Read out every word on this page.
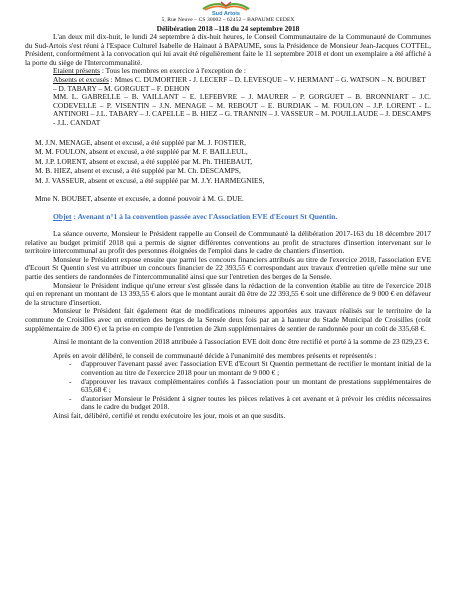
Sud Artois
5, Rue Neuve – CS 30002 – 62452 – BAPAUME CEDEX
Délibération 2018 –118 du 24 septembre 2018

L'an deux mil dix-huit, le lundi 24 septembre à dix-huit heures, le Conseil Communautaire de la Communauté de Communes du Sud-Artois s'est réuni à l'Espace Culturel Isabelle de Hainaut à BAPAUME, sous la Présidence de Monsieur Jean-Jacques COTTEL, Président, conformément à la convocation qui lui avait été régulièrement faite le 11 septembre 2018 et dont un exemplaire a été affiché à la porte du siège de l'Intercommunalité.

Etaient présents : Tous les membres en exercice à l'exception de :

Absents et excusés : Mmes C. DUMORTIER - J. LECERF – D. LEVESQUE – V. HERMANT – G. WATSON – N. BOUBET – D. TABARY – M. GORGUET – F. DEHON

MM. L. GABRELLE – B. VAILLANT – E. LEFEBVRE – J. MAURER – P. GORGUET – B. BRONNIART – J.C. CODEVELLE – P. VISENTIN – J.N. MENAGE – M. REBOUT – E. BURDIAK – M. FOULON – J.P. LORENT - L. ANTINORI – J.L. TABARY – J. CAPELLE – B. HIEZ – G. TRANNIN – J. VASSEUR – M. POUILLAUDE – J. DESCAMPS - J.L. CANDAT

M. J.N. MENAGE, absent et excusé, a été suppléé par M. J. FOSTIER,

M. M. FOULON, absent et excusé, a été suppléé par M. F. BAILLEUL,

M. J.P. LORENT, absent et excusé, a été suppléé par M. Ph. THIEBAUT,

M. B. HIEZ, absent et excusé, a été suppléé par M. Ch. DESCAMPS,

M. J. VASSEUR, absent et excusé, a été suppléé par M. J.Y. HARMEGNIES,

Mme N. BOUBET, absente et excusée, a donné pouvoir à M. G. DUE.

Objet : Avenant n°1 à la convention passée avec l'Association EVE d'Ecourt St Quentin.

La séance ouverte, Monsieur le Président rappelle au Conseil de Communauté la délibération 2017-163 du 18 décembre 2017 relative au budget primitif 2018 qui a permis de signer différentes conventions au profit de structures d'insertion intervenant sur le territoire intercommunal au profit des personnes éloignées de l'emploi dans le cadre de chantiers d'insertion.

Monsieur le Président expose ensuite que parmi les concours financiers attribués au titre de l'exercice 2018, l'association EVE d'Ecourt St Quentin s'est vu attribuer un concours financier de 22 393,55 € correspondant aux travaux d'entretien qu'elle mène sur une partie des sentiers de randonnées de l'intercommunalité ainsi que sur l'entretien des berges de la Sensée.

Monsieur le Président indique qu'une erreur s'est glissée dans la rédaction de la convention établie au titre de l'exercice 2018 qui en reprenant un montant de 13 393,55 € alors que le montant aurait dû être de 22 393,55 € soit une différence de 9 000 € en défaveur de la structure d'insertion.

Monsieur le Président fait également état de modifications mineures apportées aux travaux réalisés sur le territoire de la commune de Croisilles avec un entretien des berges de la Sensée deux fois par an à hauteur du Stade Municipal de Croisilles (coût supplémentaire de 300 €) et la prise en compte de l'entretien de 2km supplémentaires de sentier de randonnée pour un coût de 335,68 €.

Ainsi le montant de la convention 2018 attribuée à l'association EVE doit donc être rectifié et porté à la somme de 23 029,23 €.

Après en avoir délibéré, le conseil de communauté décide à l'unanimité des membres présents et représentés :

- d'approuver l'avenant passé avec l'association EVE d'Ecourt St Quentin permettant de rectifier le montant initial de la convention au titre de l'exercice 2018 pour un montant de 9 000 € ;
- d'approuver les travaux complémentaires confiés à l'association pour un montant de prestations supplémentaires de 635,68 € ;
- d'autoriser Monsieur le Président à signer toutes les pièces relatives à cet avenant et à prévoir les crédits nécessaires dans le cadre du budget 2018.

Ainsi fait, délibéré, certifié et rendu exécutoire les jour, mois et an que susdits.
